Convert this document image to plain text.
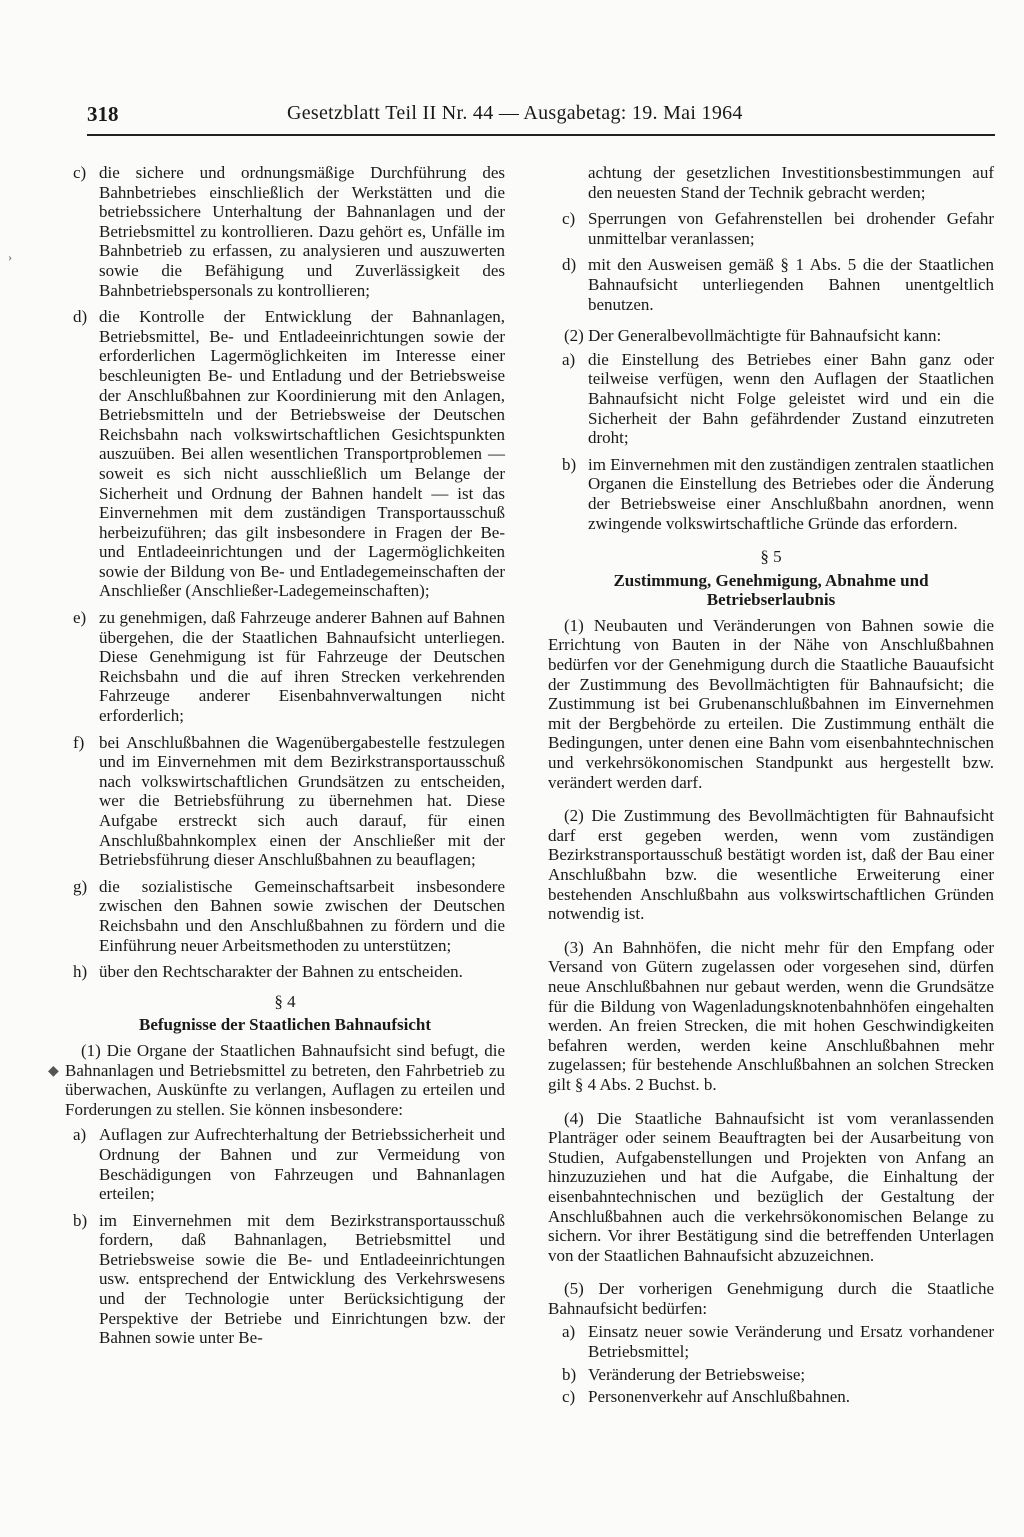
318	Gesetzblatt Teil II Nr. 44 — Ausgabetag: 19. Mai 1964
›
◆
c) die sichere und ordnungsmäßige Durchführung des Bahnbetriebes einschließlich der Werkstätten und die betriebssichere Unterhaltung der Bahnanlagen und der Betriebsmittel zu kontrollieren. Dazu gehört es, Unfälle im Bahnbetrieb zu erfassen, zu analysieren und auszuwerten sowie die Befähigung und Zuverlässigkeit des Bahnbetriebspersonals zu kontrollieren;
d) die Kontrolle der Entwicklung der Bahnanlagen, Betriebsmittel, Be- und Entladeeinrichtungen sowie der erforderlichen Lagermöglichkeiten im Interesse einer beschleunigten Be- und Entladung und der Betriebsweise der Anschlußbahnen zur Koordinierung mit den Anlagen, Betriebsmitteln und der Betriebsweise der Deutschen Reichsbahn nach volkswirtschaftlichen Gesichtspunkten auszuüben. Bei allen wesentlichen Transportproblemen — soweit es sich nicht ausschließlich um Belange der Sicherheit und Ordnung der Bahnen handelt — ist das Einvernehmen mit dem zuständigen Transportausschuß herbeizuführen; das gilt insbesondere in Fragen der Be- und Entladeeinrichtungen und der Lagermöglichkeiten sowie der Bildung von Be- und Entladegemeinschaften der Anschließer (Anschließer-Ladegemeinschaften);
e) zu genehmigen, daß Fahrzeuge anderer Bahnen auf Bahnen übergehen, die der Staatlichen Bahnaufsicht unterliegen. Diese Genehmigung ist für Fahrzeuge der Deutschen Reichsbahn und die auf ihren Strecken verkehrenden Fahrzeuge anderer Eisenbahnverwaltungen nicht erforderlich;
f) bei Anschlußbahnen die Wagenübergabestelle festzulegen und im Einvernehmen mit dem Bezirkstransportausschuß nach volkswirtschaftlichen Grundsätzen zu entscheiden, wer die Betriebsführung zu übernehmen hat. Diese Aufgabe erstreckt sich auch darauf, für einen Anschlußbahnkomplex einen der Anschließer mit der Betriebsführung dieser Anschlußbahnen zu beauflagen;
g) die sozialistische Gemeinschaftsarbeit insbesondere zwischen den Bahnen sowie zwischen der Deutschen Reichsbahn und den Anschlußbahnen zu fördern und die Einführung neuer Arbeitsmethoden zu unterstützen;
h) über den Rechtscharakter der Bahnen zu entscheiden.
§ 4
Befugnisse der Staatlichen Bahnaufsicht

(1) Die Organe der Staatlichen Bahnaufsicht sind befugt, die Bahnanlagen und Betriebsmittel zu betreten, den Fahrbetrieb zu überwachen, Auskünfte zu verlangen, Auflagen zu erteilen und Forderungen zu stellen. Sie können insbesondere:

a) Auflagen zur Aufrechterhaltung der Betriebssicherheit und Ordnung der Bahnen und zur Vermeidung von Beschädigungen von Fahrzeugen und Bahnanlagen erteilen;
b) im Einvernehmen mit dem Bezirkstransportausschuß fordern, daß Bahnanlagen, Betriebsmittel und Betriebsweise sowie die Be- und Entladeeinrichtungen usw. entsprechend der Entwicklung des Verkehrswesens und der Technologie unter Berücksichtigung der Perspektive der Betriebe und Einrichtungen bzw. der Bahnen sowie unter Be-
achtung der gesetzlichen Investitionsbestimmungen auf den neuesten Stand der Technik gebracht werden;
c) Sperrungen von Gefahrenstellen bei drohender Gefahr unmittelbar veranlassen;
d) mit den Ausweisen gemäß § 1 Abs. 5 die der Staatlichen Bahnaufsicht unterliegenden Bahnen unentgeltlich benutzen.

(2) Der Generalbevollmächtigte für Bahnaufsicht kann:

a) die Einstellung des Betriebes einer Bahn ganz oder teilweise verfügen, wenn den Auflagen der Staatlichen Bahnaufsicht nicht Folge geleistet wird und ein die Sicherheit der Bahn gefährdender Zustand einzutreten droht;
b) im Einvernehmen mit den zuständigen zentralen staatlichen Organen die Einstellung des Betriebes oder die Änderung der Betriebsweise einer Anschlußbahn anordnen, wenn zwingende volkswirtschaftliche Gründe das erfordern.
§ 5
Zustimmung, Genehmigung, Abnahme und Betriebserlaubnis

(1) Neubauten und Veränderungen von Bahnen sowie die Errichtung von Bauten in der Nähe von Anschlußbahnen bedürfen vor der Genehmigung durch die Staatliche Bauaufsicht der Zustimmung des Bevollmächtigten für Bahnaufsicht; die Zustimmung ist bei Grubenanschlußbahnen im Einvernehmen mit der Bergbehörde zu erteilen. Die Zustimmung enthält die Bedingungen, unter denen eine Bahn vom eisenbahntechnischen und verkehrsökonomischen Standpunkt aus hergestellt bzw. verändert werden darf.

(2) Die Zustimmung des Bevollmächtigten für Bahnaufsicht darf erst gegeben werden, wenn vom zuständigen Bezirkstransportausschuß bestätigt worden ist, daß der Bau einer Anschlußbahn bzw. die wesentliche Erweiterung einer bestehenden Anschlußbahn aus volkswirtschaftlichen Gründen notwendig ist.

(3) An Bahnhöfen, die nicht mehr für den Empfang oder Versand von Gütern zugelassen oder vorgesehen sind, dürfen neue Anschlußbahnen nur gebaut werden, wenn die Grundsätze für die Bildung von Wagenladungsknotenbahnhöfen eingehalten werden. An freien Strecken, die mit hohen Geschwindigkeiten befahren werden, werden keine Anschlußbahnen mehr zugelassen; für bestehende Anschlußbahnen an solchen Strecken gilt § 4 Abs. 2 Buchst. b.

(4) Die Staatliche Bahnaufsicht ist vom veranlassenden Planträger oder seinem Beauftragten bei der Ausarbeitung von Studien, Aufgabenstellungen und Projekten von Anfang an hinzuzuziehen und hat die Aufgabe, die Einhaltung der eisenbahntechnischen und bezüglich der Gestaltung der Anschlußbahnen auch die verkehrsökonomischen Belange zu sichern. Vor ihrer Bestätigung sind die betreffenden Unterlagen von der Staatlichen Bahnaufsicht abzuzeichnen.

(5) Der vorherigen Genehmigung durch die Staatliche Bahnaufsicht bedürfen:

a) Einsatz neuer sowie Veränderung und Ersatz vorhandener Betriebsmittel;
b) Veränderung der Betriebsweise;
c) Personenverkehr auf Anschlußbahnen.
